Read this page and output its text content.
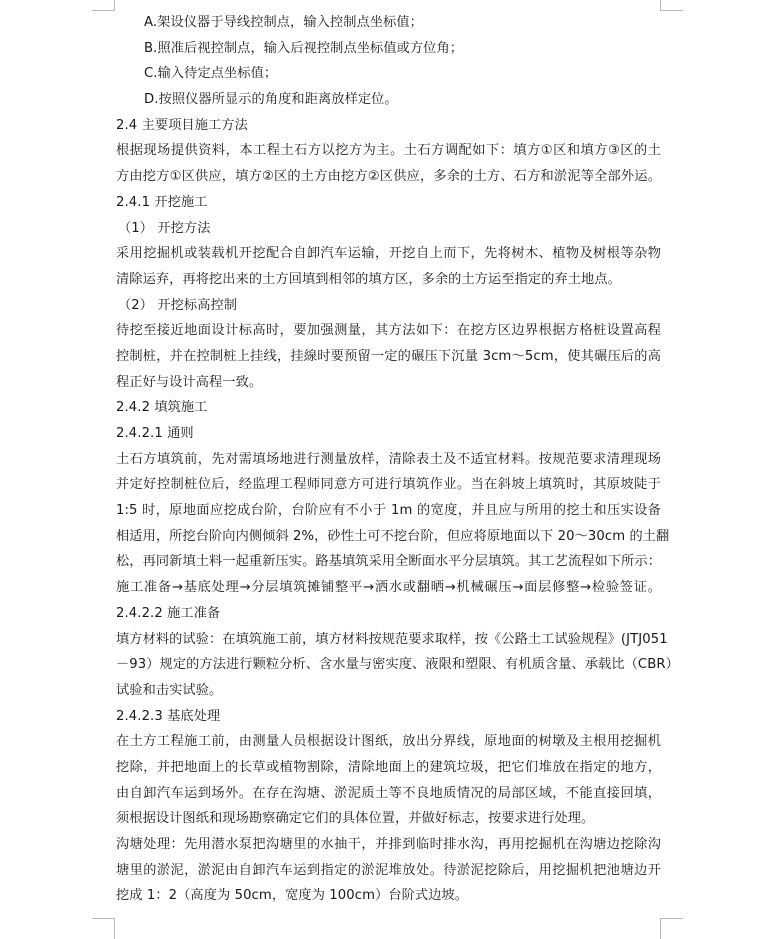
A.架设仪器于导线控制点，输入控制点坐标值；
B.照准后视控制点，输入后视控制点坐标值或方位角；
C.输入待定点坐标值；
D.按照仪器所显示的角度和距离放样定位。
2.4 主要项目施工方法
根据现场提供资料，本工程土石方以挖方为主。土石方调配如下：填方①区和填方③区的土
方由挖方①区供应，填方②区的土方由挖方②区供应，多余的土方、石方和淤泥等全部外运。
2.4.1 开挖施工
（1） 开挖方法
采用挖掘机或装载机开挖配合自卸汽车运输，开挖自上而下，先将树木、植物及树根等杂物
清除运弃，再将挖出来的土方回填到相邻的填方区，多余的土方运至指定的弃土地点。
（2） 开挖标高控制
待挖至接近地面设计标高时，要加强测量，其方法如下：在挖方区边界根据方格桩设置高程
控制桩，并在控制桩上挂线，挂線时要预留一定的碾压下沉量 3cm～5cm，使其碾压后的高
程正好与设计高程一致。
2.4.2 填筑施工
2.4.2.1 通则
土石方填筑前，先对需填场地进行测量放样，清除表土及不适宜材料。按规范要求清理现场
并定好控制桩位后，经监理工程师同意方可进行填筑作业。当在斜坡上填筑时，其原坡陡于
1:5 时，原地面应挖成台阶，台阶应有不小于 1m 的宽度，并且应与所用的挖土和压实设备
相适用，所挖台阶向内侧倾斜 2%，砂性土可不挖台阶，但应将原地面以下 20～30cm 的土翻
松，再同新填土料一起重新压实。路基填筑采用全断面水平分层填筑。其工艺流程如下所示：
施工准备→基底处理→分层填筑摊铺整平→洒水或翻晒→机械碾压→面层修整→检验签证。
2.4.2.2 施工准备
填方材料的试验：在填筑施工前，填方材料按规范要求取样，按《公路土工试验规程》(JTJ051
－93）规定的方法进行颗粒分析、含水量与密实度、液限和塑限、有机质含量、承载比（CBR）
试验和击实试验。
2.4.2.3 基底处理
在土方工程施工前，由测量人员根据设计图纸，放出分界线，原地面的树墩及主根用挖掘机
挖除，并把地面上的长草或植物割除，清除地面上的建筑垃圾，把它们堆放在指定的地方，
由自卸汽车运到场外。在存在沟塘、淤泥质土等不良地质情况的局部区域，不能直接回填，
须根据设计图纸和现场勘察确定它们的具体位置，并做好标志，按要求进行处理。
沟塘处理：先用潜水泵把沟塘里的水抽干，并排到临时排水沟，再用挖掘机在沟塘边挖除沟
塘里的淤泥，淤泥由自卸汽车运到指定的淤泥堆放处。待淤泥挖除后，用挖掘机把池塘边开
挖成 1：2（高度为 50cm，宽度为 100cm）台阶式边坡。
